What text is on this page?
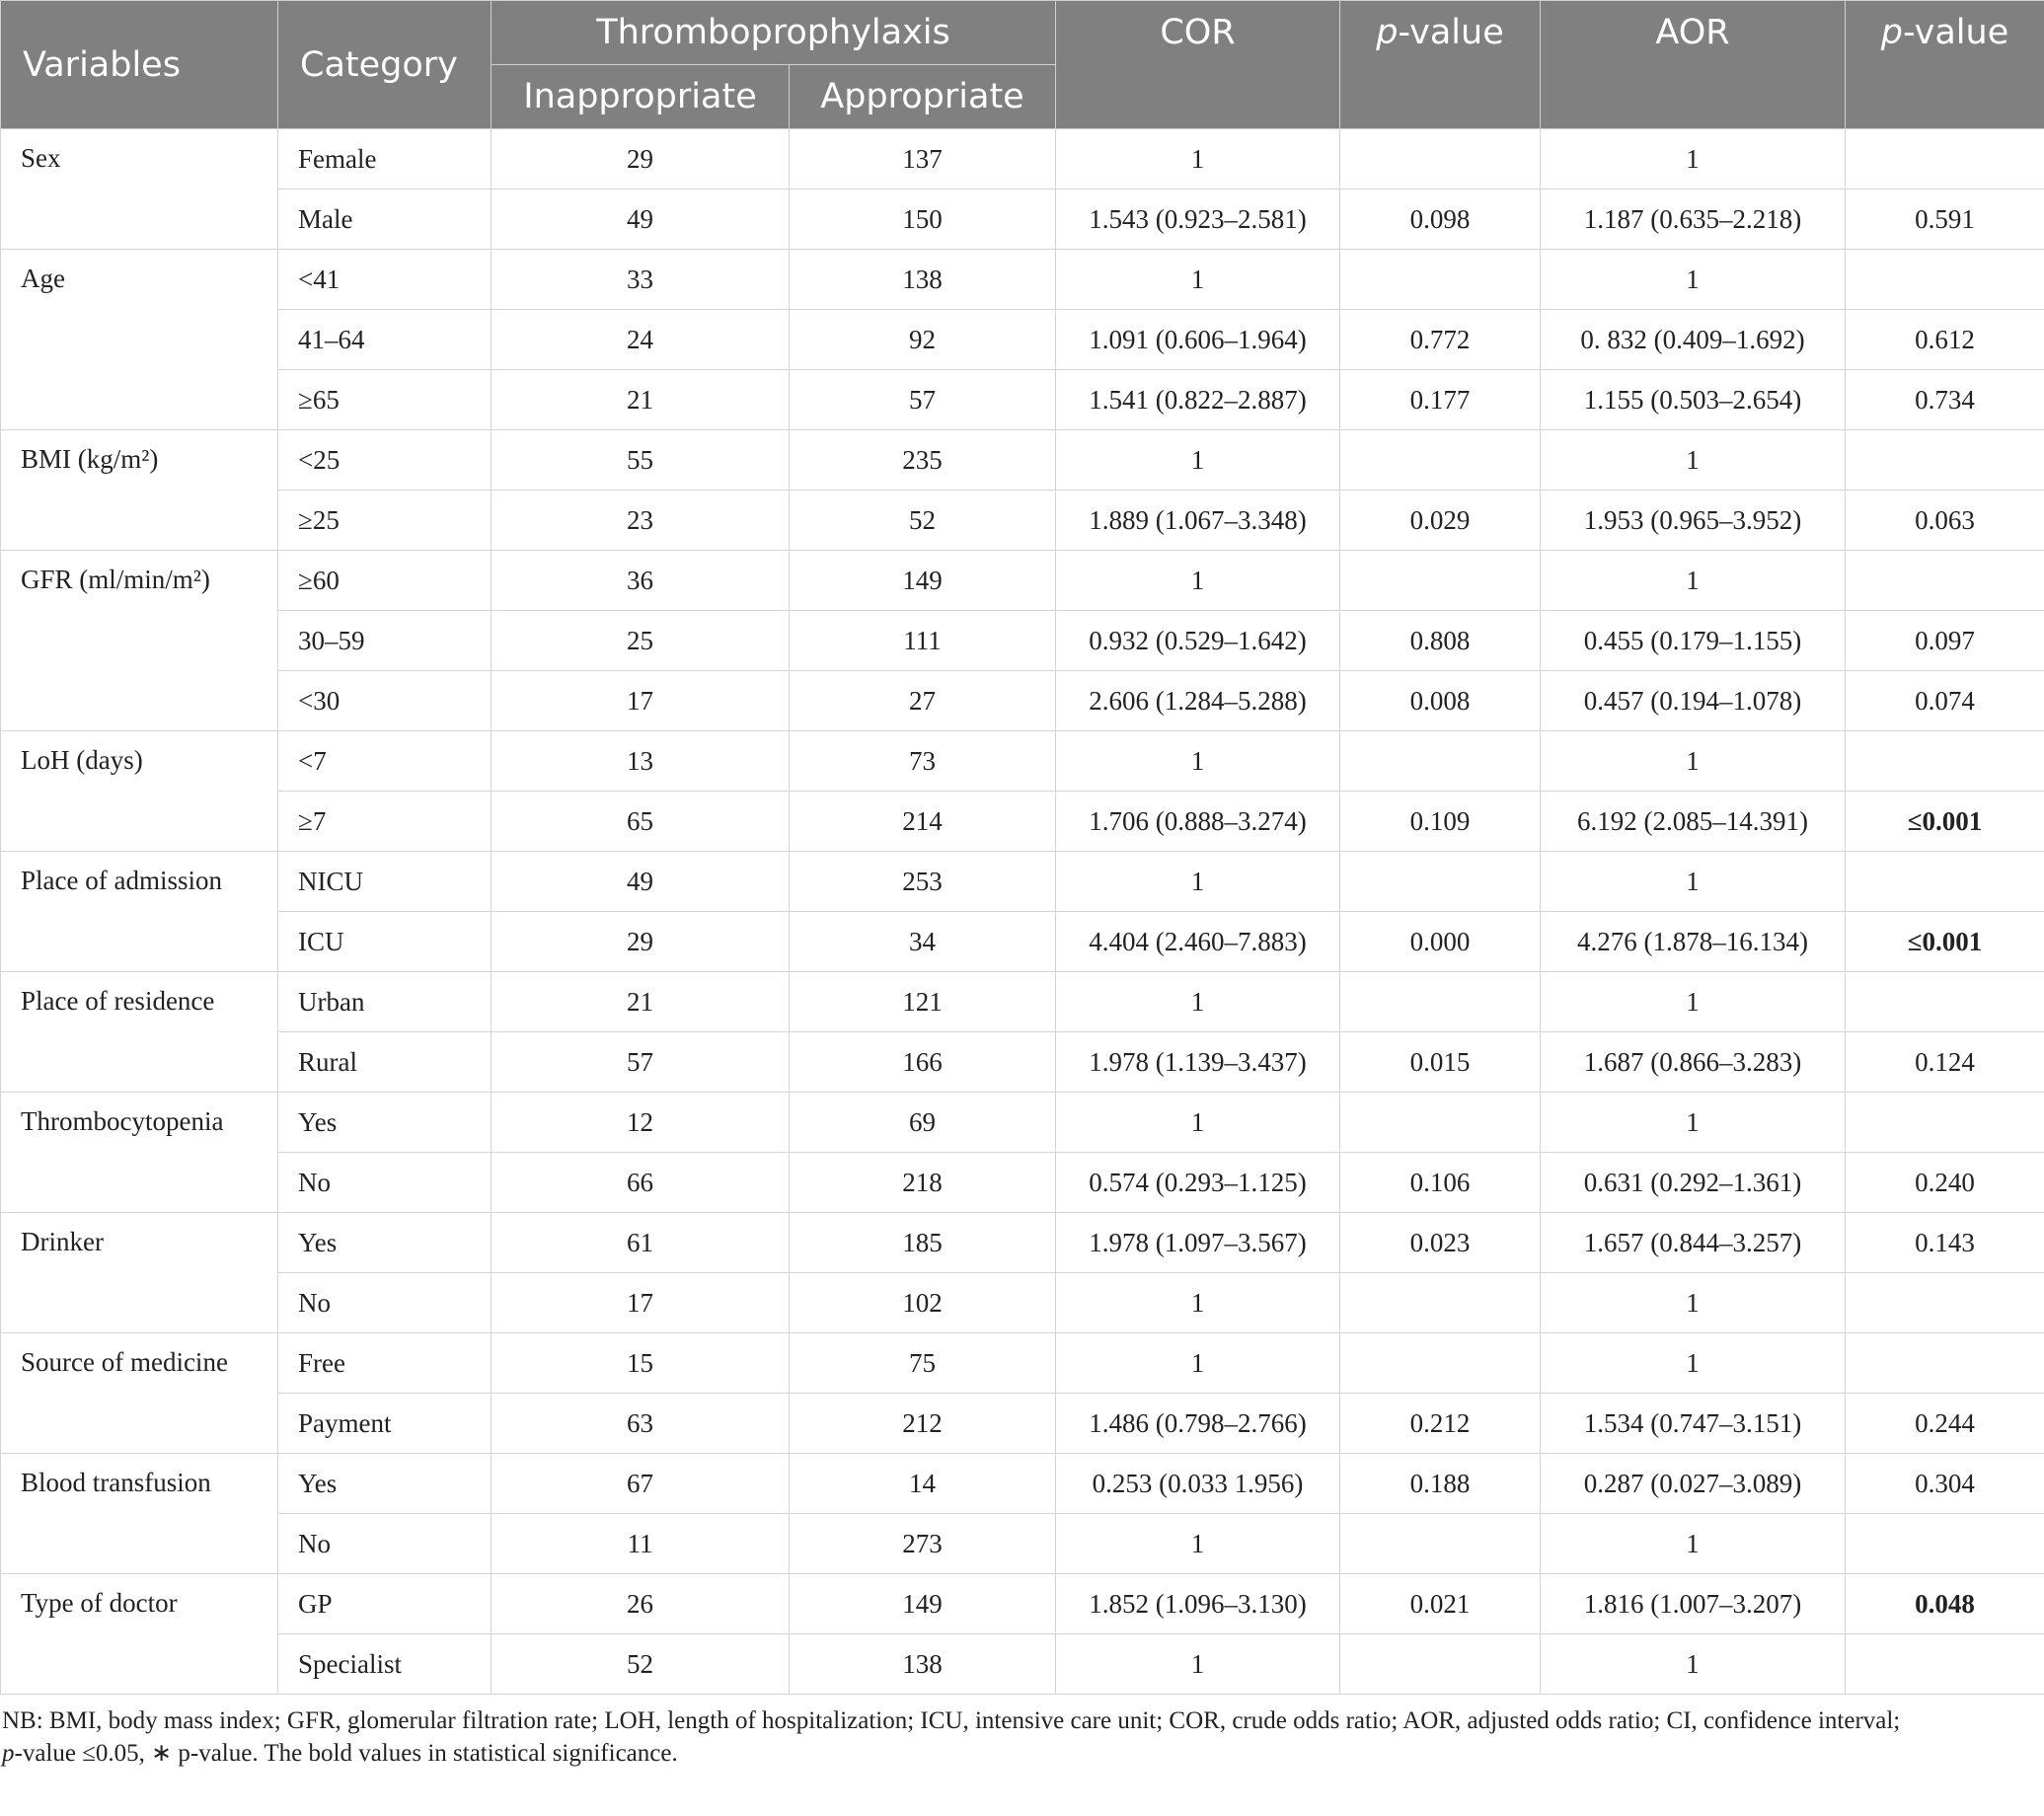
Variables	Category	Thromboprophylaxis		COR	p-value	AOR	p-value
		Inappropriate	Appropriate				
Sex	Female	29	137	1		1	
	Male	49	150	1.543 (0.923–2.581)	0.098	1.187 (0.635–2.218)	0.591
Age	<41	33	138	1		1	
	41–64	24	92	1.091 (0.606–1.964)	0.772	0. 832 (0.409–1.692)	0.612
	≥65	21	57	1.541 (0.822–2.887)	0.177	1.155 (0.503–2.654)	0.734
BMI (kg/m²)	<25	55	235	1		1	
	≥25	23	52	1.889 (1.067–3.348)	0.029	1.953 (0.965–3.952)	0.063
GFR (ml/min/m²)	≥60	36	149	1		1	
	30–59	25	111	0.932 (0.529–1.642)	0.808	0.455 (0.179–1.155)	0.097
	<30	17	27	2.606 (1.284–5.288)	0.008	0.457 (0.194–1.078)	0.074
LoH (days)	<7	13	73	1		1	
	≥7	65	214	1.706 (0.888–3.274)	0.109	6.192 (2.085–14.391)	≤0.001
Place of admission	NICU	49	253	1		1	
	ICU	29	34	4.404 (2.460–7.883)	0.000	4.276 (1.878–16.134)	≤0.001
Place of residence	Urban	21	121	1		1	
	Rural	57	166	1.978 (1.139–3.437)	0.015	1.687 (0.866–3.283)	0.124
Thrombocytopenia	Yes	12	69	1		1	
	No	66	218	0.574 (0.293–1.125)	0.106	0.631 (0.292–1.361)	0.240
Drinker	Yes	61	185	1.978 (1.097–3.567)	0.023	1.657 (0.844–3.257)	0.143
	No	17	102	1		1	
Source of medicine	Free	15	75	1		1	
	Payment	63	212	1.486 (0.798–2.766)	0.212	1.534 (0.747–3.151)	0.244
Blood transfusion	Yes	67	14	0.253 (0.033 1.956)	0.188	0.287 (0.027–3.089)	0.304
	No	11	273	1		1	
Type of doctor	GP	26	149	1.852 (1.096–3.130)	0.021	1.816 (1.007–3.207)	0.048
	Specialist	52	138	1		1	

NB: BMI, body mass index; GFR, glomerular filtration rate; LOH, length of hospitalization; ICU, intensive care unit; COR, crude odds ratio; AOR, adjusted odds ratio; CI, confidence interval;
p-value ≤0.05, ∗ p-value. The bold values in statistical significance.
